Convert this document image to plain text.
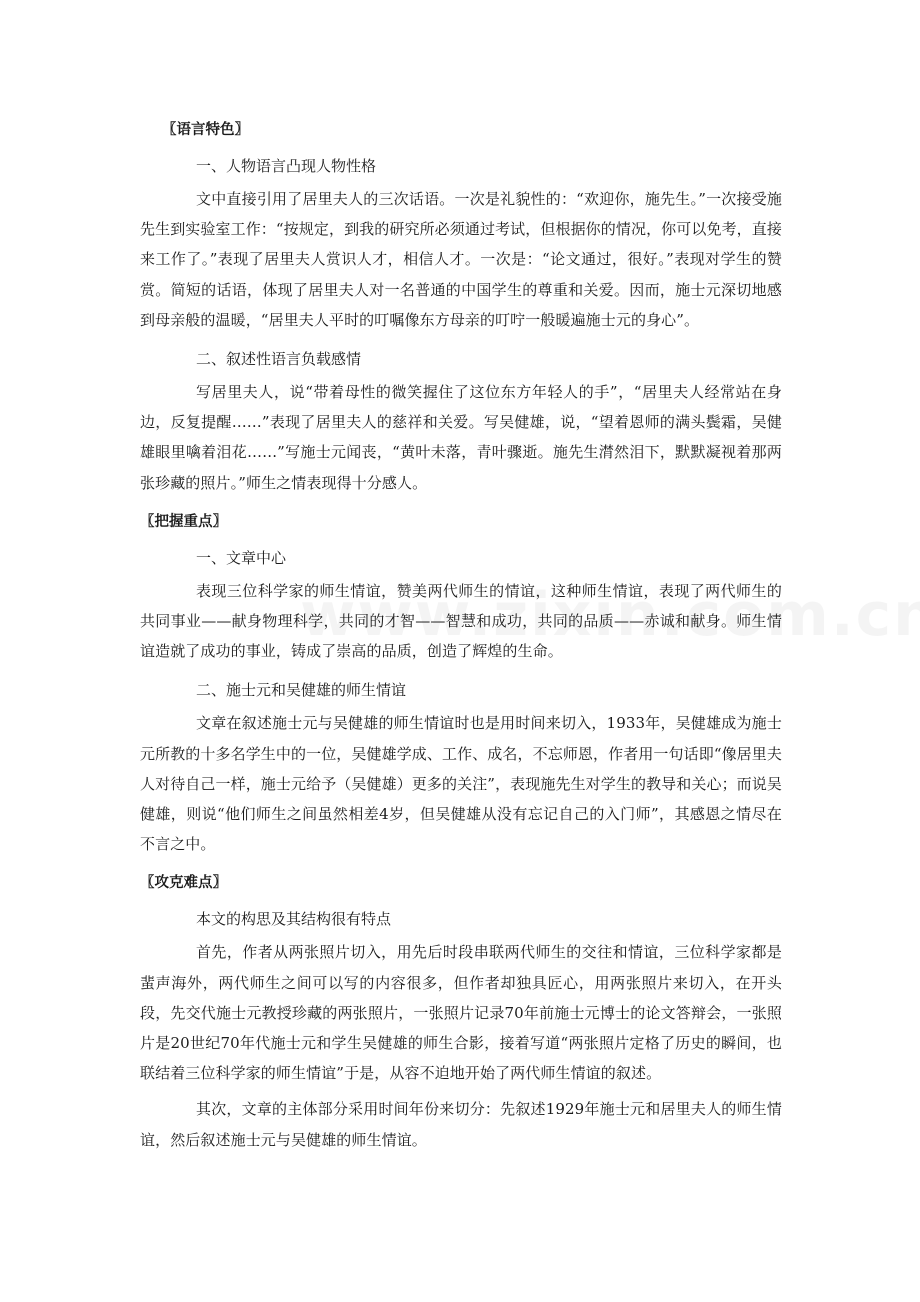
〖语言特色〗
一、人物语言凸现人物性格

文中直接引用了居里夫人的三次话语。一次是礼貌性的：“欢迎你，施先生。”一次接受施先生到实验室工作：“按规定，到我的研究所必须通过考试，但根据你的情况，你可以免考，直接来工作了。”表现了居里夫人赏识人才，相信人才。一次是：“论文通过，很好。”表现对学生的赞赏。简短的话语，体现了居里夫人对一名普通的中国学生的尊重和关爱。因而，施士元深切地感到母亲般的温暖，“居里夫人平时的叮嘱像东方母亲的叮咛一般暖遍施士元的身心”。

二、叙述性语言负载感情

写居里夫人，说“带着母性的微笑握住了这位东方年轻人的手”，“居里夫人经常站在身边，反复提醒……”表现了居里夫人的慈祥和关爱。写吴健雄，说，“望着恩师的满头鬓霜，吴健雄眼里噙着泪花……”写施士元闻丧，“黄叶未落，青叶骤逝。施先生潸然泪下，默默凝视着那两张珍藏的照片。”师生之情表现得十分感人。

〖把握重点〗
一、文章中心

表现三位科学家的师生情谊，赞美两代师生的情谊，这种师生情谊，表现了两代师生的共同事业——献身物理科学，共同的才智——智慧和成功，共同的品质——赤诚和献身。师生情谊造就了成功的事业，铸成了崇高的品质，创造了辉煌的生命。

二、施士元和吴健雄的师生情谊

文章在叙述施士元与吴健雄的师生情谊时也是用时间来切入，1933年，吴健雄成为施士元所教的十多名学生中的一位，吴健雄学成、工作、成名，不忘师恩，作者用一句话即“像居里夫人对待自己一样，施士元给予（吴健雄）更多的关注”，表现施先生对学生的教导和关心；而说吴健雄，则说“他们师生之间虽然相差4岁，但吴健雄从没有忘记自己的入门师”，其感恩之情尽在不言之中。

〖攻克难点〗
本文的构思及其结构很有特点

首先，作者从两张照片切入，用先后时段串联两代师生的交往和情谊，三位科学家都是蜚声海外，两代师生之间可以写的内容很多，但作者却独具匠心，用两张照片来切入，在开头段，先交代施士元教授珍藏的两张照片，一张照片记录70年前施士元博士的论文答辩会，一张照片是20世纪70年代施士元和学生吴健雄的师生合影，接着写道“两张照片定格了历史的瞬间，也联结着三位科学家的师生情谊”于是，从容不迫地开始了两代师生情谊的叙述。

其次，文章的主体部分采用时间年份来切分：先叙述1929年施士元和居里夫人的师生情谊，然后叙述施士元与吴健雄的师生情谊。
